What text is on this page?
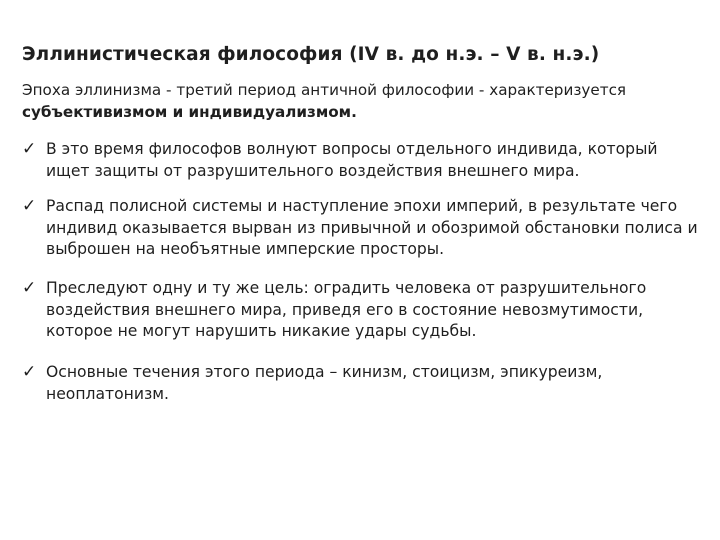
Эллинистическая философия (IV в. до н.э. – V в. н.э.)
Эпоха эллинизма - третий период античной философии - характеризуется субъективизмом и индивидуализмом.
✓ В это время философов волнуют вопросы отдельного индивида, который ищет защиты от разрушительного воздействия внешнего мира.
✓ Распад полисной системы и наступление эпохи империй, в результате чего индивид оказывается вырван из привычной и обозримой обстановки полиса и выброшен на необъятные имперские просторы.
✓ Преследуют одну и ту же цель: оградить человека от разрушительного воздействия внешнего мира, приведя его в состояние невозмутимости, которое не могут нарушить никакие удары судьбы.
✓ Основные течения этого периода – кинизм, стоицизм, эпикуреизм, неоплатонизм.
